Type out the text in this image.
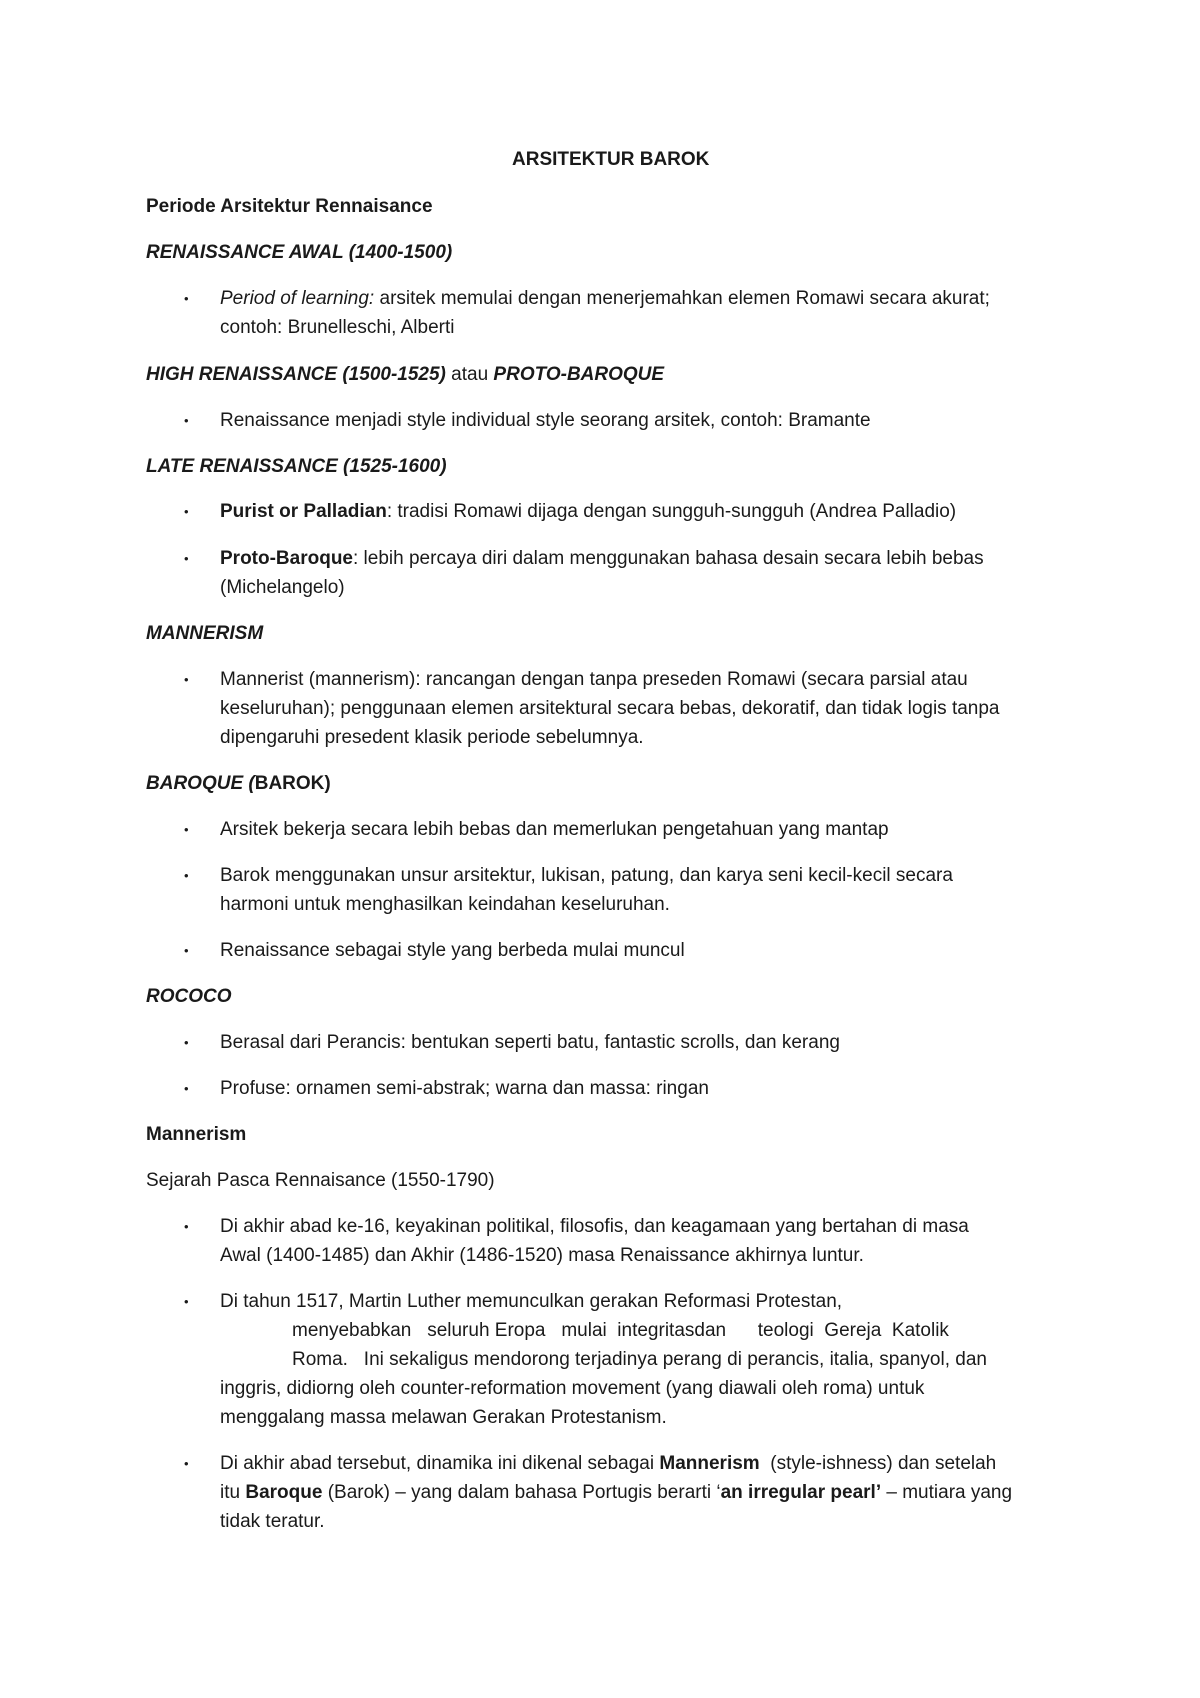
ARSITEKTUR BAROK
Periode Arsitektur Rennaisance
RENAISSANCE AWAL (1400-1500)
• Period of learning: arsitek memulai dengan menerjemahkan elemen Romawi secara akurat;
contoh: Brunelleschi, Alberti
HIGH RENAISSANCE (1500-1525) atau PROTO-BAROQUE
• Renaissance menjadi style individual style seorang arsitek, contoh: Bramante
LATE RENAISSANCE (1525-1600)
• Purist or Palladian: tradisi Romawi dijaga dengan sungguh-sungguh (Andrea Palladio)
• Proto-Baroque: lebih percaya diri dalam menggunakan bahasa desain secara lebih bebas
(Michelangelo)
MANNERISM
• Mannerist (mannerism): rancangan dengan tanpa preseden Romawi (secara parsial atau
keseluruhan); penggunaan elemen arsitektural secara bebas, dekoratif, dan tidak logis tanpa
dipengaruhi presedent klasik periode sebelumnya.
BAROQUE (BAROK)
• Arsitek bekerja secara lebih bebas dan memerlukan pengetahuan yang mantap
• Barok menggunakan unsur arsitektur, lukisan, patung, dan karya seni kecil-kecil secara
harmoni untuk menghasilkan keindahan keseluruhan.
• Renaissance sebagai style yang berbeda mulai muncul
ROCOCO
• Berasal dari Perancis: bentukan seperti batu, fantastic scrolls, dan kerang
• Profuse: ornamen semi-abstrak; warna dan massa: ringan
Mannerism
Sejarah Pasca Rennaisance (1550-1790)
• Di akhir abad ke-16, keyakinan politikal, filosofis, dan keagamaan yang bertahan di masa
Awal (1400-1485) dan Akhir (1486-1520) masa Renaissance akhirnya luntur.
• Di tahun 1517, Martin Luther memunculkan gerakan Reformasi Protestan,
menyebabkan   seluruh Eropa   mulai  integritasdan      teologi  Gereja  Katolik
Roma.   Ini sekaligus mendorong terjadinya perang di perancis, italia, spanyol, dan
inggris, didiorng oleh counter-reformation movement (yang diawali oleh roma) untuk
menggalang massa melawan Gerakan Protestanism.
• Di akhir abad tersebut, dinamika ini dikenal sebagai Mannerism  (style-ishness) dan setelah
itu Baroque (Barok) – yang dalam bahasa Portugis berarti ‘an irregular pearl’ – mutiara yang
tidak teratur.
